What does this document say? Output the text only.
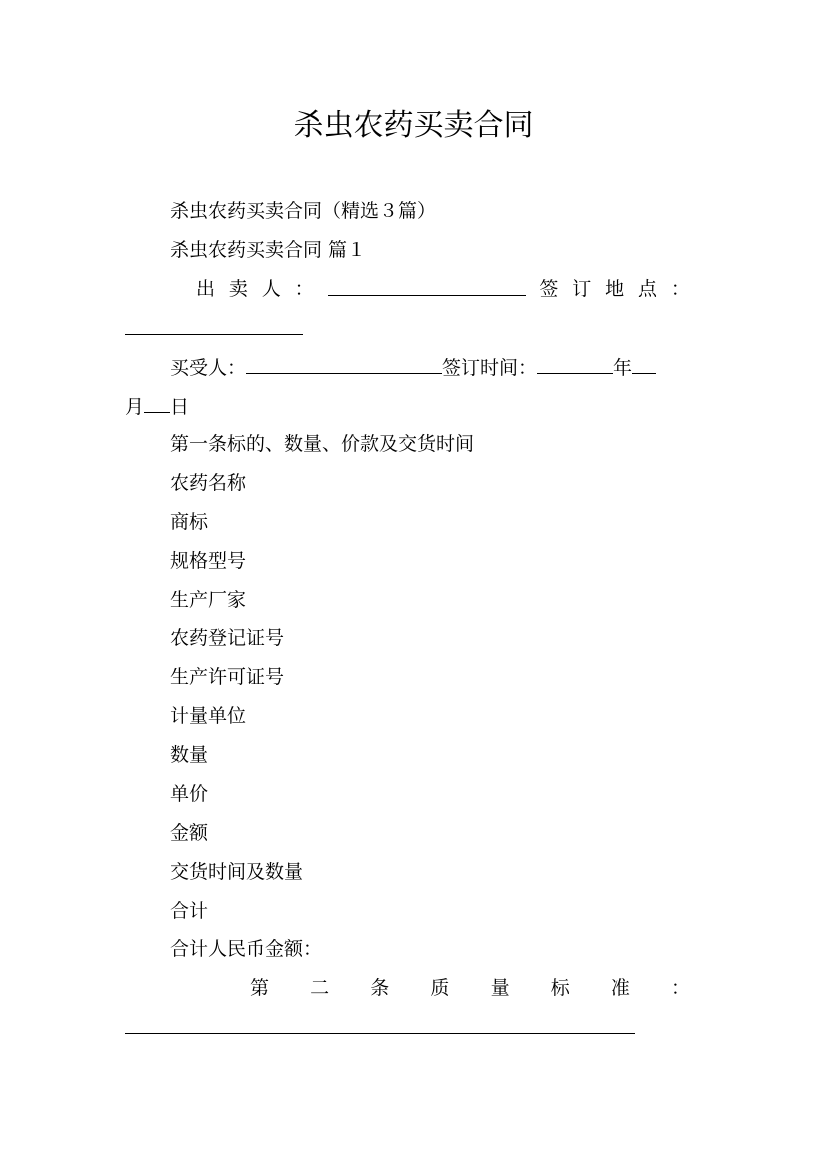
杀虫农药买卖合同
杀虫农药买卖合同（精选３篇）
杀虫农药买卖合同 篇１
出 卖 人 ：	签 订 地 点 ：
买受人：	签订时间：	年
月 日
第一条标的、数量、价款及交货时间
农药名称
商标
规格型号
生产厂家
农药登记证号
生产许可证号
计量单位
数量
单价
金额
交货时间及数量
合计
合计人民币金额：
第 二 条 质 量 标 准 ：
